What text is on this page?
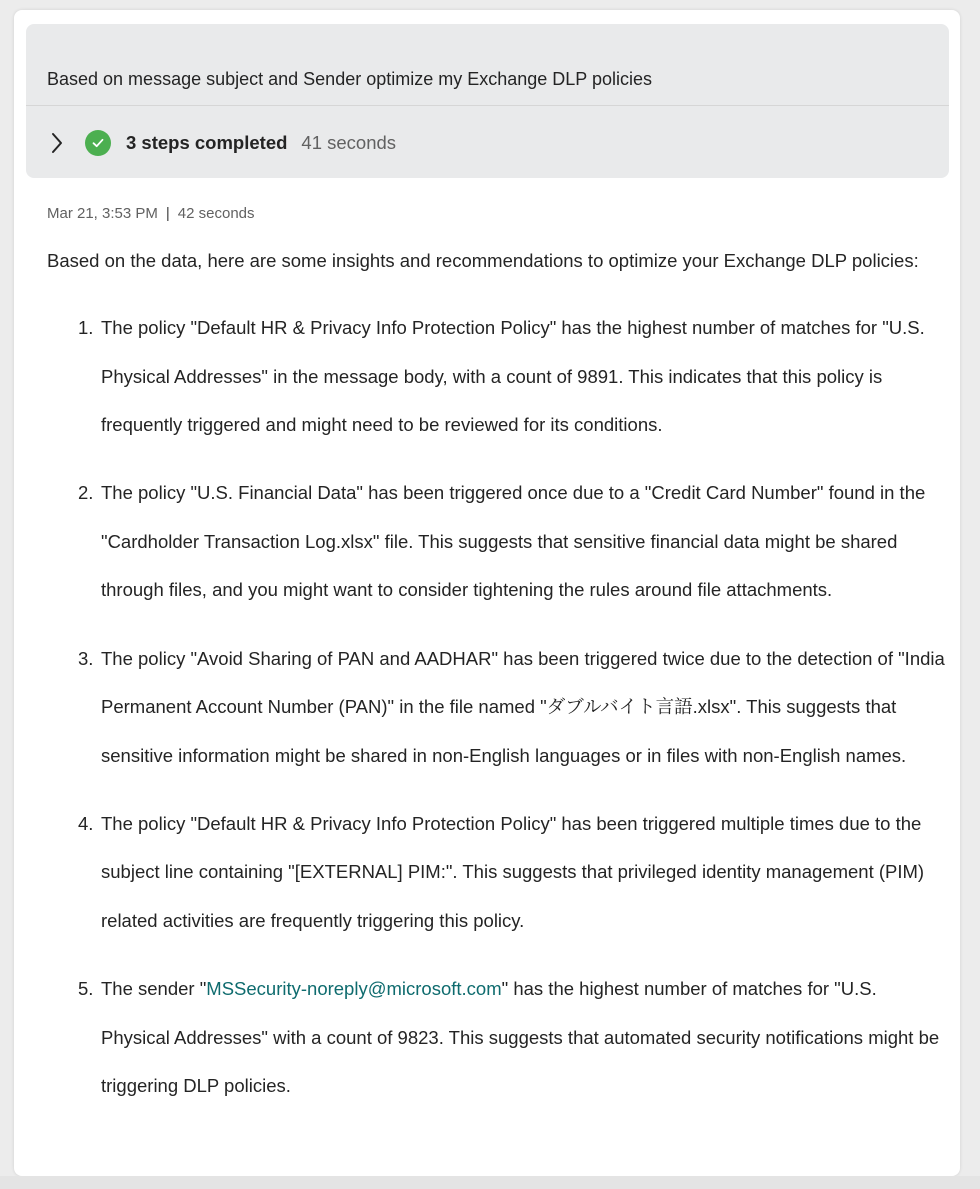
Based on message subject and Sender optimize my Exchange DLP policies
3 steps completed 41 seconds
Mar 21, 3:53 PM | 42 seconds
Based on the data, here are some insights and recommendations to optimize your Exchange DLP policies:
1. The policy "Default HR & Privacy Info Protection Policy" has the highest number of matches for "U.S. Physical Addresses" in the message body, with a count of 9891. This indicates that this policy is frequently triggered and might need to be reviewed for its conditions.
2. The policy "U.S. Financial Data" has been triggered once due to a "Credit Card Number" found in the "Cardholder Transaction Log.xlsx" file. This suggests that sensitive financial data might be shared through files, and you might want to consider tightening the rules around file attachments.
3. The policy "Avoid Sharing of PAN and AADHAR" has been triggered twice due to the detection of "India Permanent Account Number (PAN)" in the file named "ダブルバイト言語.xlsx". This suggests that sensitive information might be shared in non-English languages or in files with non-English names.
4. The policy "Default HR & Privacy Info Protection Policy" has been triggered multiple times due to the subject line containing "[EXTERNAL] PIM:". This suggests that privileged identity management (PIM) related activities are frequently triggering this policy.
5. The sender "MSSecurity-noreply@microsoft.com" has the highest number of matches for "U.S. Physical Addresses" with a count of 9823. This suggests that automated security notifications might be triggering DLP policies.
